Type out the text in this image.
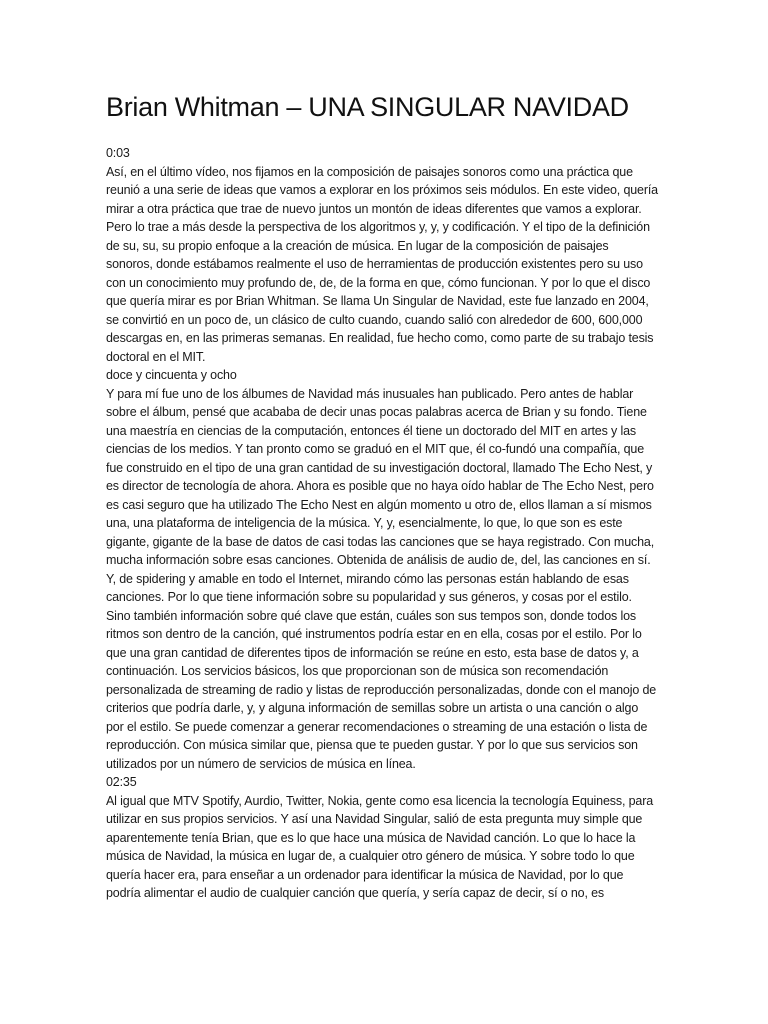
Brian Whitman – UNA SINGULAR NAVIDAD

0:03

Así, en el último vídeo, nos fijamos en la composición de paisajes sonoros como una práctica que reunió a una serie de ideas que vamos a explorar en los próximos seis módulos. En este video, quería mirar a otra práctica que trae de nuevo juntos un montón de ideas diferentes que vamos a explorar. Pero lo trae a más desde la perspectiva de los algoritmos y, y, y codificación. Y el tipo de la definición de su, su, su propio enfoque a la creación de música. En lugar de la composición de paisajes sonoros, donde estábamos realmente el uso de herramientas de producción existentes pero su uso con un conocimiento muy profundo de, de, de la forma en que, cómo funcionan. Y por lo que el disco que quería mirar es por Brian Whitman. Se llama Un Singular de Navidad, este fue lanzado en 2004, se convirtió en un poco de, un clásico de culto cuando, cuando salió con alrededor de 600, 600,000 descargas en, en las primeras semanas. En realidad, fue hecho como, como parte de su trabajo tesis doctoral en el MIT.

doce y cincuenta y ocho

Y para mí fue uno de los álbumes de Navidad más inusuales han publicado. Pero antes de hablar sobre el álbum, pensé que acababa de decir unas pocas palabras acerca de Brian y su fondo. Tiene una maestría en ciencias de la computación, entonces él tiene un doctorado del MIT en artes y las ciencias de los medios. Y tan pronto como se graduó en el MIT que, él co-fundó una compañía, que fue construido en el tipo de una gran cantidad de su investigación doctoral, llamado The Echo Nest, y es director de tecnología de ahora. Ahora es posible que no haya oído hablar de The Echo Nest, pero es casi seguro que ha utilizado The Echo Nest en algún momento u otro de, ellos llaman a sí mismos una, una plataforma de inteligencia de la música. Y, y, esencialmente, lo que, lo que son es este gigante, gigante de la base de datos de casi todas las canciones que se haya registrado. Con mucha, mucha información sobre esas canciones. Obtenida de análisis de audio de, del, las canciones en sí. Y, de spidering y amable en todo el Internet, mirando cómo las personas están hablando de esas canciones. Por lo que tiene información sobre su popularidad y sus géneros, y cosas por el estilo. Sino también información sobre qué clave que están, cuáles son sus tempos son, donde todos los ritmos son dentro de la canción, qué instrumentos podría estar en en ella, cosas por el estilo. Por lo que una gran cantidad de diferentes tipos de información se reúne en esto, esta base de datos y, a continuación. Los servicios básicos, los que proporcionan son de música son recomendación personalizada de streaming de radio y listas de reproducción personalizadas, donde con el manojo de criterios que podría darle, y, y alguna información de semillas sobre un artista o una canción o algo por el estilo. Se puede comenzar a generar recomendaciones o streaming de una estación o lista de reproducción. Con música similar que, piensa que te pueden gustar. Y por lo que sus servicios son utilizados por un número de servicios de música en línea.

02:35

Al igual que MTV Spotify, Aurdio, Twitter, Nokia, gente como esa licencia la tecnología Equiness, para utilizar en sus propios servicios. Y así una Navidad Singular, salió de esta pregunta muy simple que aparentemente tenía Brian, que es lo que hace una música de Navidad canción. Lo que lo hace la música de Navidad, la música en lugar de, a cualquier otro género de música. Y sobre todo lo que quería hacer era, para enseñar a un ordenador para identificar la música de Navidad, por lo que podría alimentar el audio de cualquier canción que quería, y sería capaz de decir, sí o no, es
